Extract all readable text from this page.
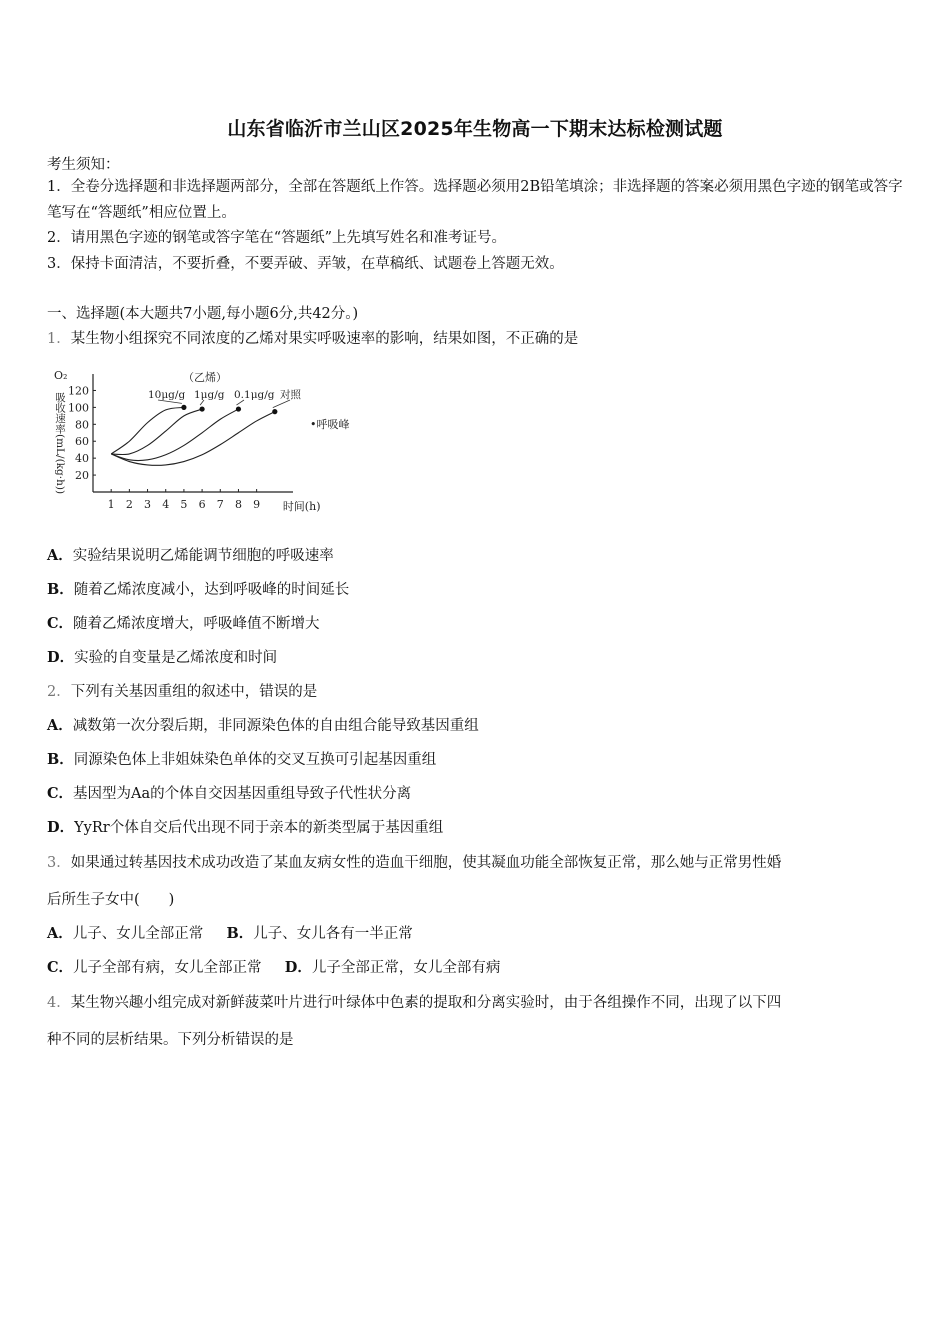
山东省临沂市兰山区2025年生物高一下期末达标检测试题
考生须知：
1．全卷分选择题和非选择题两部分，全部在答题纸上作答。选择题必须用2B铅笔填涂；非选择题的答案必须用黑色字迹的钢笔或答字笔写在“答题纸”相应位置上。
2．请用黑色字迹的钢笔或答字笔在“答题纸”上先填写姓名和准考证号。
3．保持卡面清洁，不要折叠，不要弄破、弄皱，在草稿纸、试题卷上答题无效。
一、选择题(本大题共7小题,每小题6分,共42分。)
1．某生物小组探究不同浓度的乙烯对果实呼吸速率的影响，结果如图，不正确的是
1 2 3 4 5 6 7 8 9
20
40
60
80
100
120
时间(h)
O₂
吸收速率(mL/(kg·h))
（乙烯）
10μg/g 1μg/g 0.1μg/g 对照
•呼吸峰
A．实验结果说明乙烯能调节细胞的呼吸速率
B．随着乙烯浓度减小，达到呼吸峰的时间延长
C．随着乙烯浓度增大，呼吸峰值不断增大
D．实验的自变量是乙烯浓度和时间
2．下列有关基因重组的叙述中，错误的是
A．减数第一次分裂后期，非同源染色体的自由组合能导致基因重组
B．同源染色体上非姐妹染色单体的交叉互换可引起基因重组
C．基因型为Aa的个体自交因基因重组导致子代性状分离
D．YyRr个体自交后代出现不同于亲本的新类型属于基因重组
3．如果通过转基因技术成功改造了某血友病女性的造血干细胞，使其凝血功能全部恢复正常，那么她与正常男性婚
后所生子女中(　　)
A．儿子、女儿全部正常 B．儿子、女儿各有一半正常
C．儿子全部有病，女儿全部正常 D．儿子全部正常，女儿全部有病
4．某生物兴趣小组完成对新鲜菠菜叶片进行叶绿体中色素的提取和分离实验时，由于各组操作不同，出现了以下四
种不同的层析结果。下列分析错误的是
